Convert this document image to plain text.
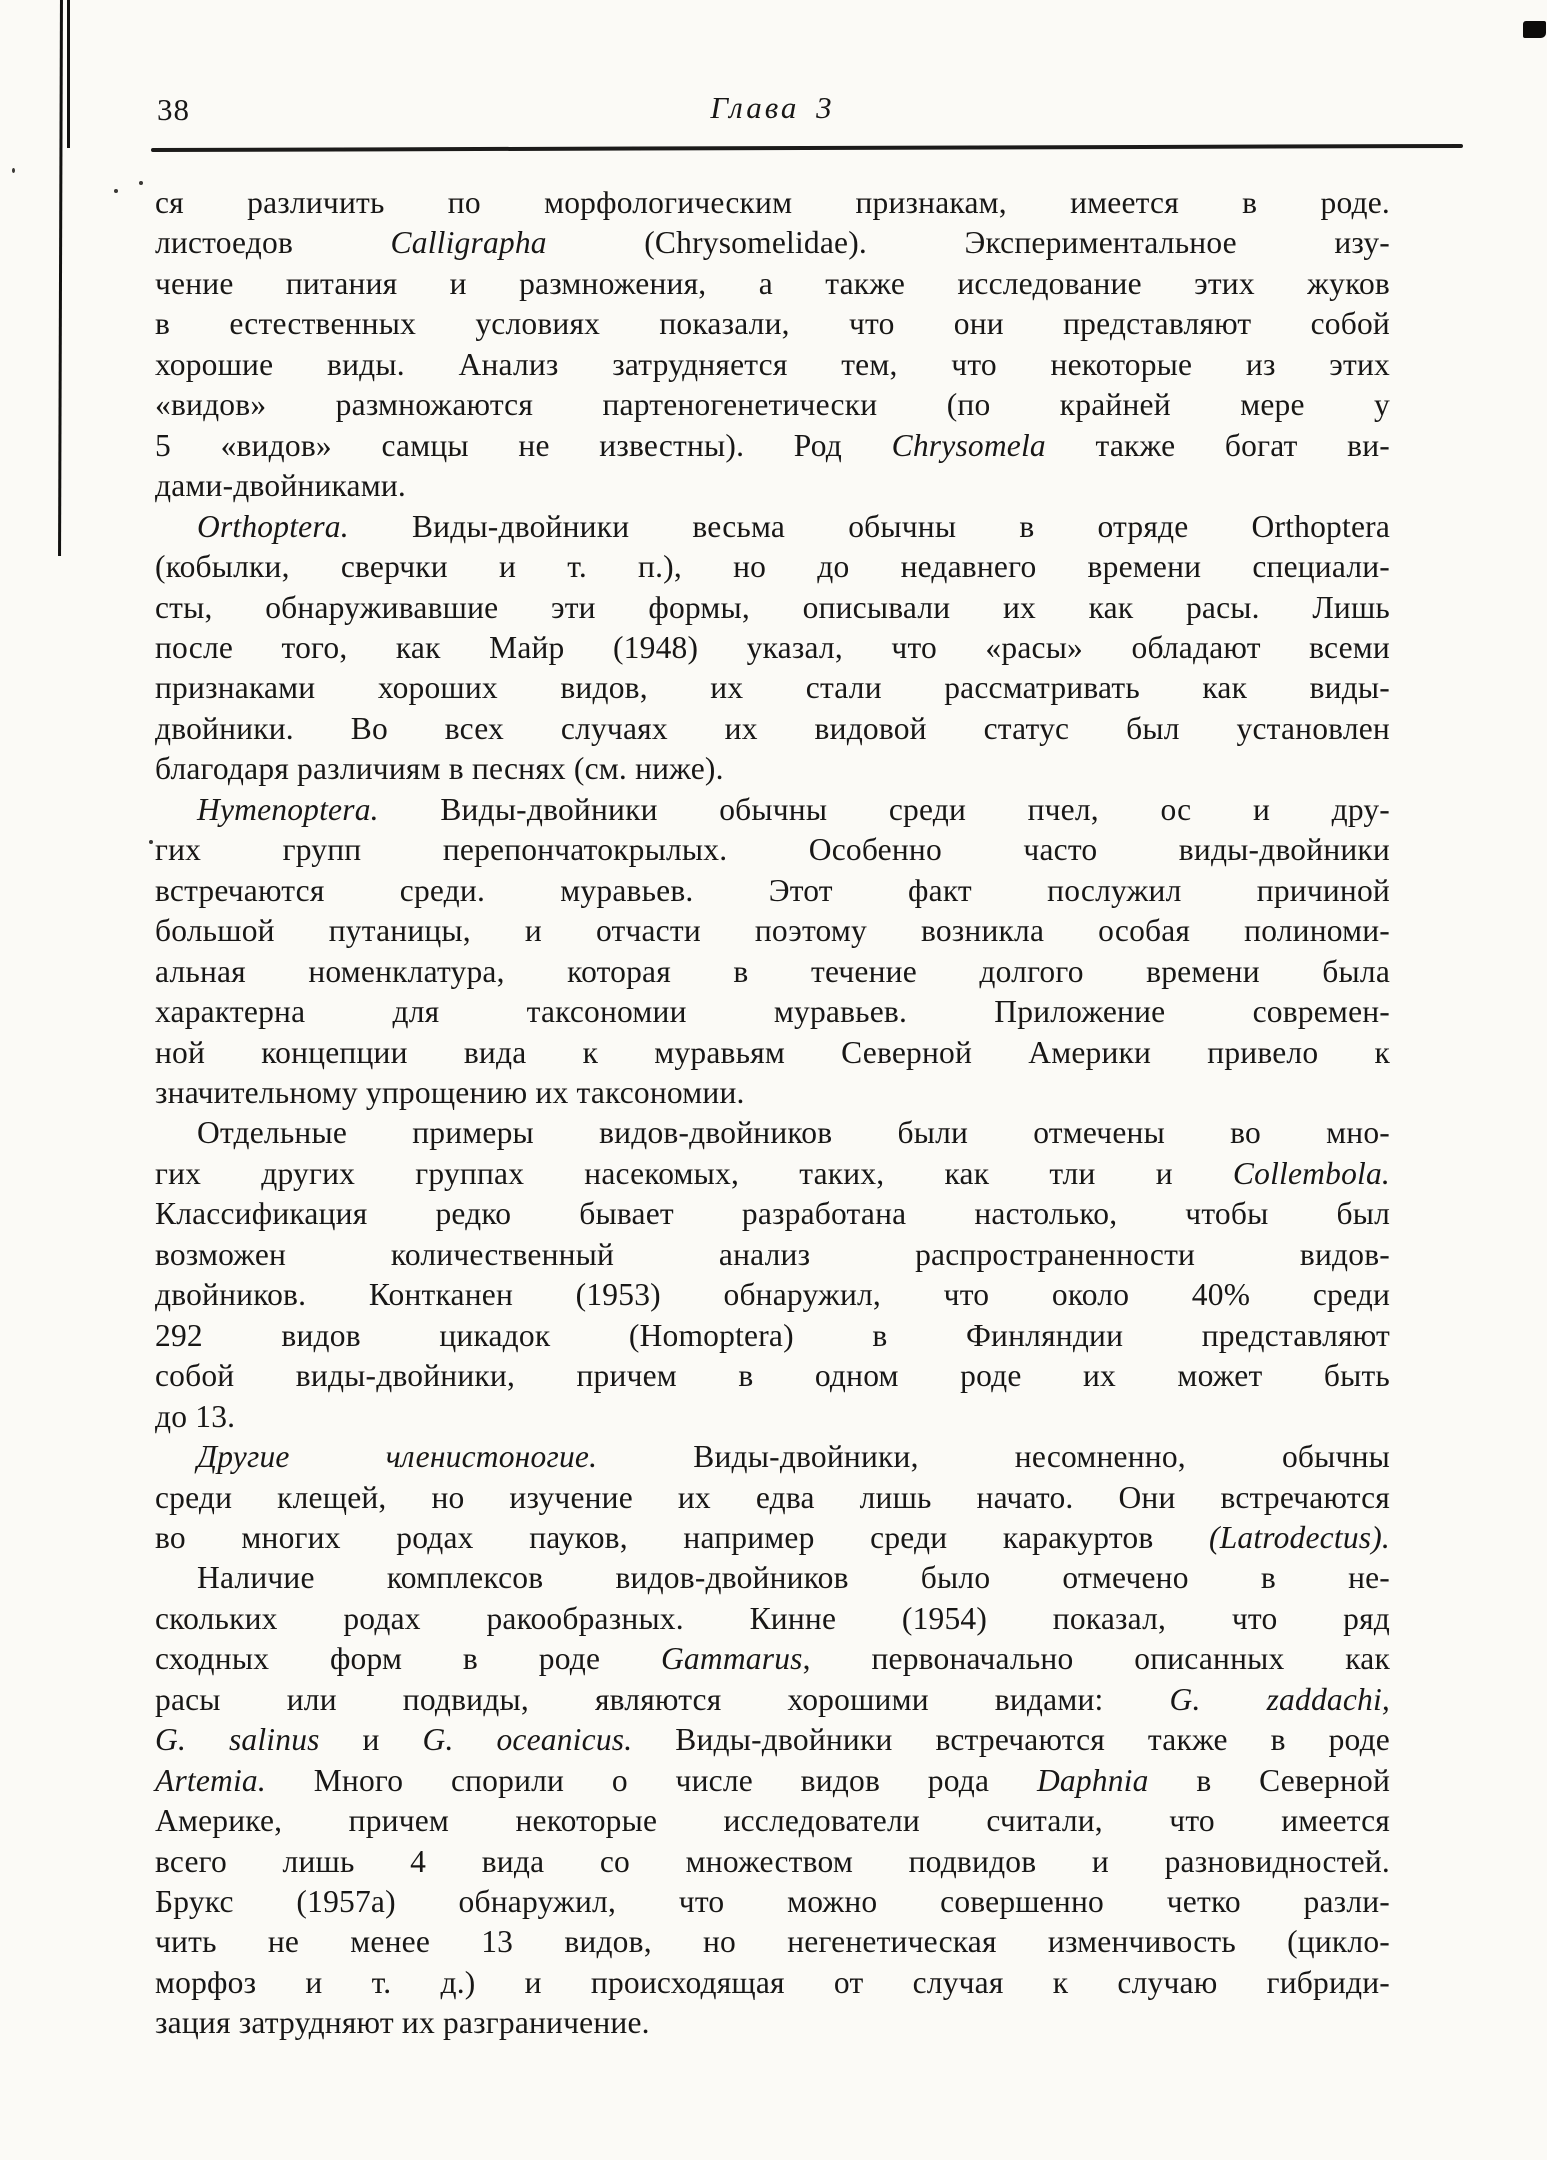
38	Глава 3
ся различить по морфологическим признакам, имеется в роде.
листоедов Calligrapha (Chrysomelidae). Экспериментальное изу-
чение питания и размножения, а также исследование этих жуков
в естественных условиях показали, что они представляют собой
хорошие виды. Анализ затрудняется тем, что некоторые из этих
«видов» размножаются партеногенетически (по крайней мере у
5 «видов» самцы не известны). Род Chrysomela также богат ви-
дами-двойниками.
Orthoptera. Виды-двойники весьма обычны в отряде Orthoptera
(кобылки, сверчки и т. п.), но до недавнего времени специали-
сты, обнаруживавшие эти формы, описывали их как расы. Лишь
после того, как Майр (1948) указал, что «расы» обладают всеми
признаками хороших видов, их стали рассматривать как виды-
двойники. Во всех случаях их видовой статус был установлен
благодаря различиям в песнях (см. ниже).
Hymenoptera. Виды-двойники обычны среди пчел, ос и дру-
гих групп перепончатокрылых. Особенно часто виды-двойники
встречаются среди. муравьев. Этот факт послужил причиной
большой путаницы, и отчасти поэтому возникла особая полиноми-
альная номенклатура, которая в течение долгого времени была
характерна для таксономии муравьев. Приложение современ-
ной концепции вида к муравьям Северной Америки привело к
значительному упрощению их таксономии.
Отдельные примеры видов-двойников были отмечены во мно-
гих других группах насекомых, таких, как тли и Collembola.
Классификация редко бывает разработана настолько, чтобы был
возможен количественный анализ распространенности видов-
двойников. Контканен (1953) обнаружил, что около 40% среди
292 видов цикадок (Homoptera) в Финляндии представляют
собой виды-двойники, причем в одном роде их может быть
до 13.
Другие членистоногие. Виды-двойники, несомненно, обычны
среди клещей, но изучение их едва лишь начато. Они встречаются
во многих родах пауков, например среди каракуртов (Latrodectus).
Наличие комплексов видов-двойников было отмечено в не-
скольких родах ракообразных. Кинне (1954) показал, что ряд
сходных форм в роде Gammarus, первоначально описанных как
расы или подвиды, являются хорошими видами: G. zaddachi,
G. salinus и G. oceanicus. Виды-двойники встречаются также в роде
Artemia. Много спорили о числе видов рода Daphnia в Северной
Америке, причем некоторые исследователи считали, что имеется
всего лишь 4 вида со множеством подвидов и разновидностей.
Брукс (1957а) обнаружил, что можно совершенно четко разли-
чить не менее 13 видов, но негенетическая изменчивость (цикло-
морфоз и т. д.) и происходящая от случая к случаю гибриди-
зация затрудняют их разграничение.
